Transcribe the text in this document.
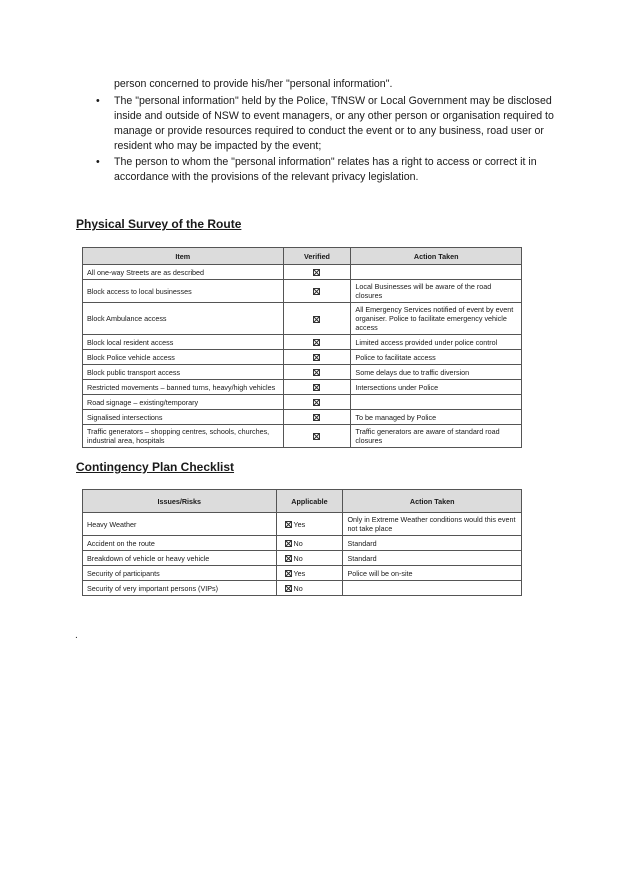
person concerned to provide his/her "personal information".
• The "personal information" held by the Police, TfNSW or Local Government may be disclosed inside and outside of NSW to event managers, or any other person or organisation required to manage or provide resources required to conduct the event or to any business, road user or resident who may be impacted by the event;
• The person to whom the "personal information" relates has a right to access or correct it in accordance with the provisions of the relevant privacy legislation.
Physical Survey of the Route
Item	Verified	Action Taken
All one-way Streets are as described		
Block access to local businesses		Local Businesses will be aware of the road closures
Block Ambulance access		All Emergency Services notified of event by event organiser. Police to facilitate emergency vehicle access
Block local resident access		Limited access provided under police control
Block Police vehicle access		Police to facilitate access
Block public transport access		Some delays due to traffic diversion
Restricted movements – banned turns, heavy/high vehicles		Intersections under Police
Road signage – existing/temporary		
Signalised intersections		To be managed by Police
Traffic generators – shopping centres, schools, churches, industrial area, hospitals		Traffic generators are aware of standard road closures
Contingency Plan Checklist
Issues/Risks	Applicable	Action Taken
Heavy Weather	Yes	Only in Extreme Weather conditions would this event not take place
Accident on the route	No	Standard
Breakdown of vehicle or heavy vehicle	No	Standard
Security of participants	Yes	Police will be on-site
Security of very important persons (VIPs)	No	
.
